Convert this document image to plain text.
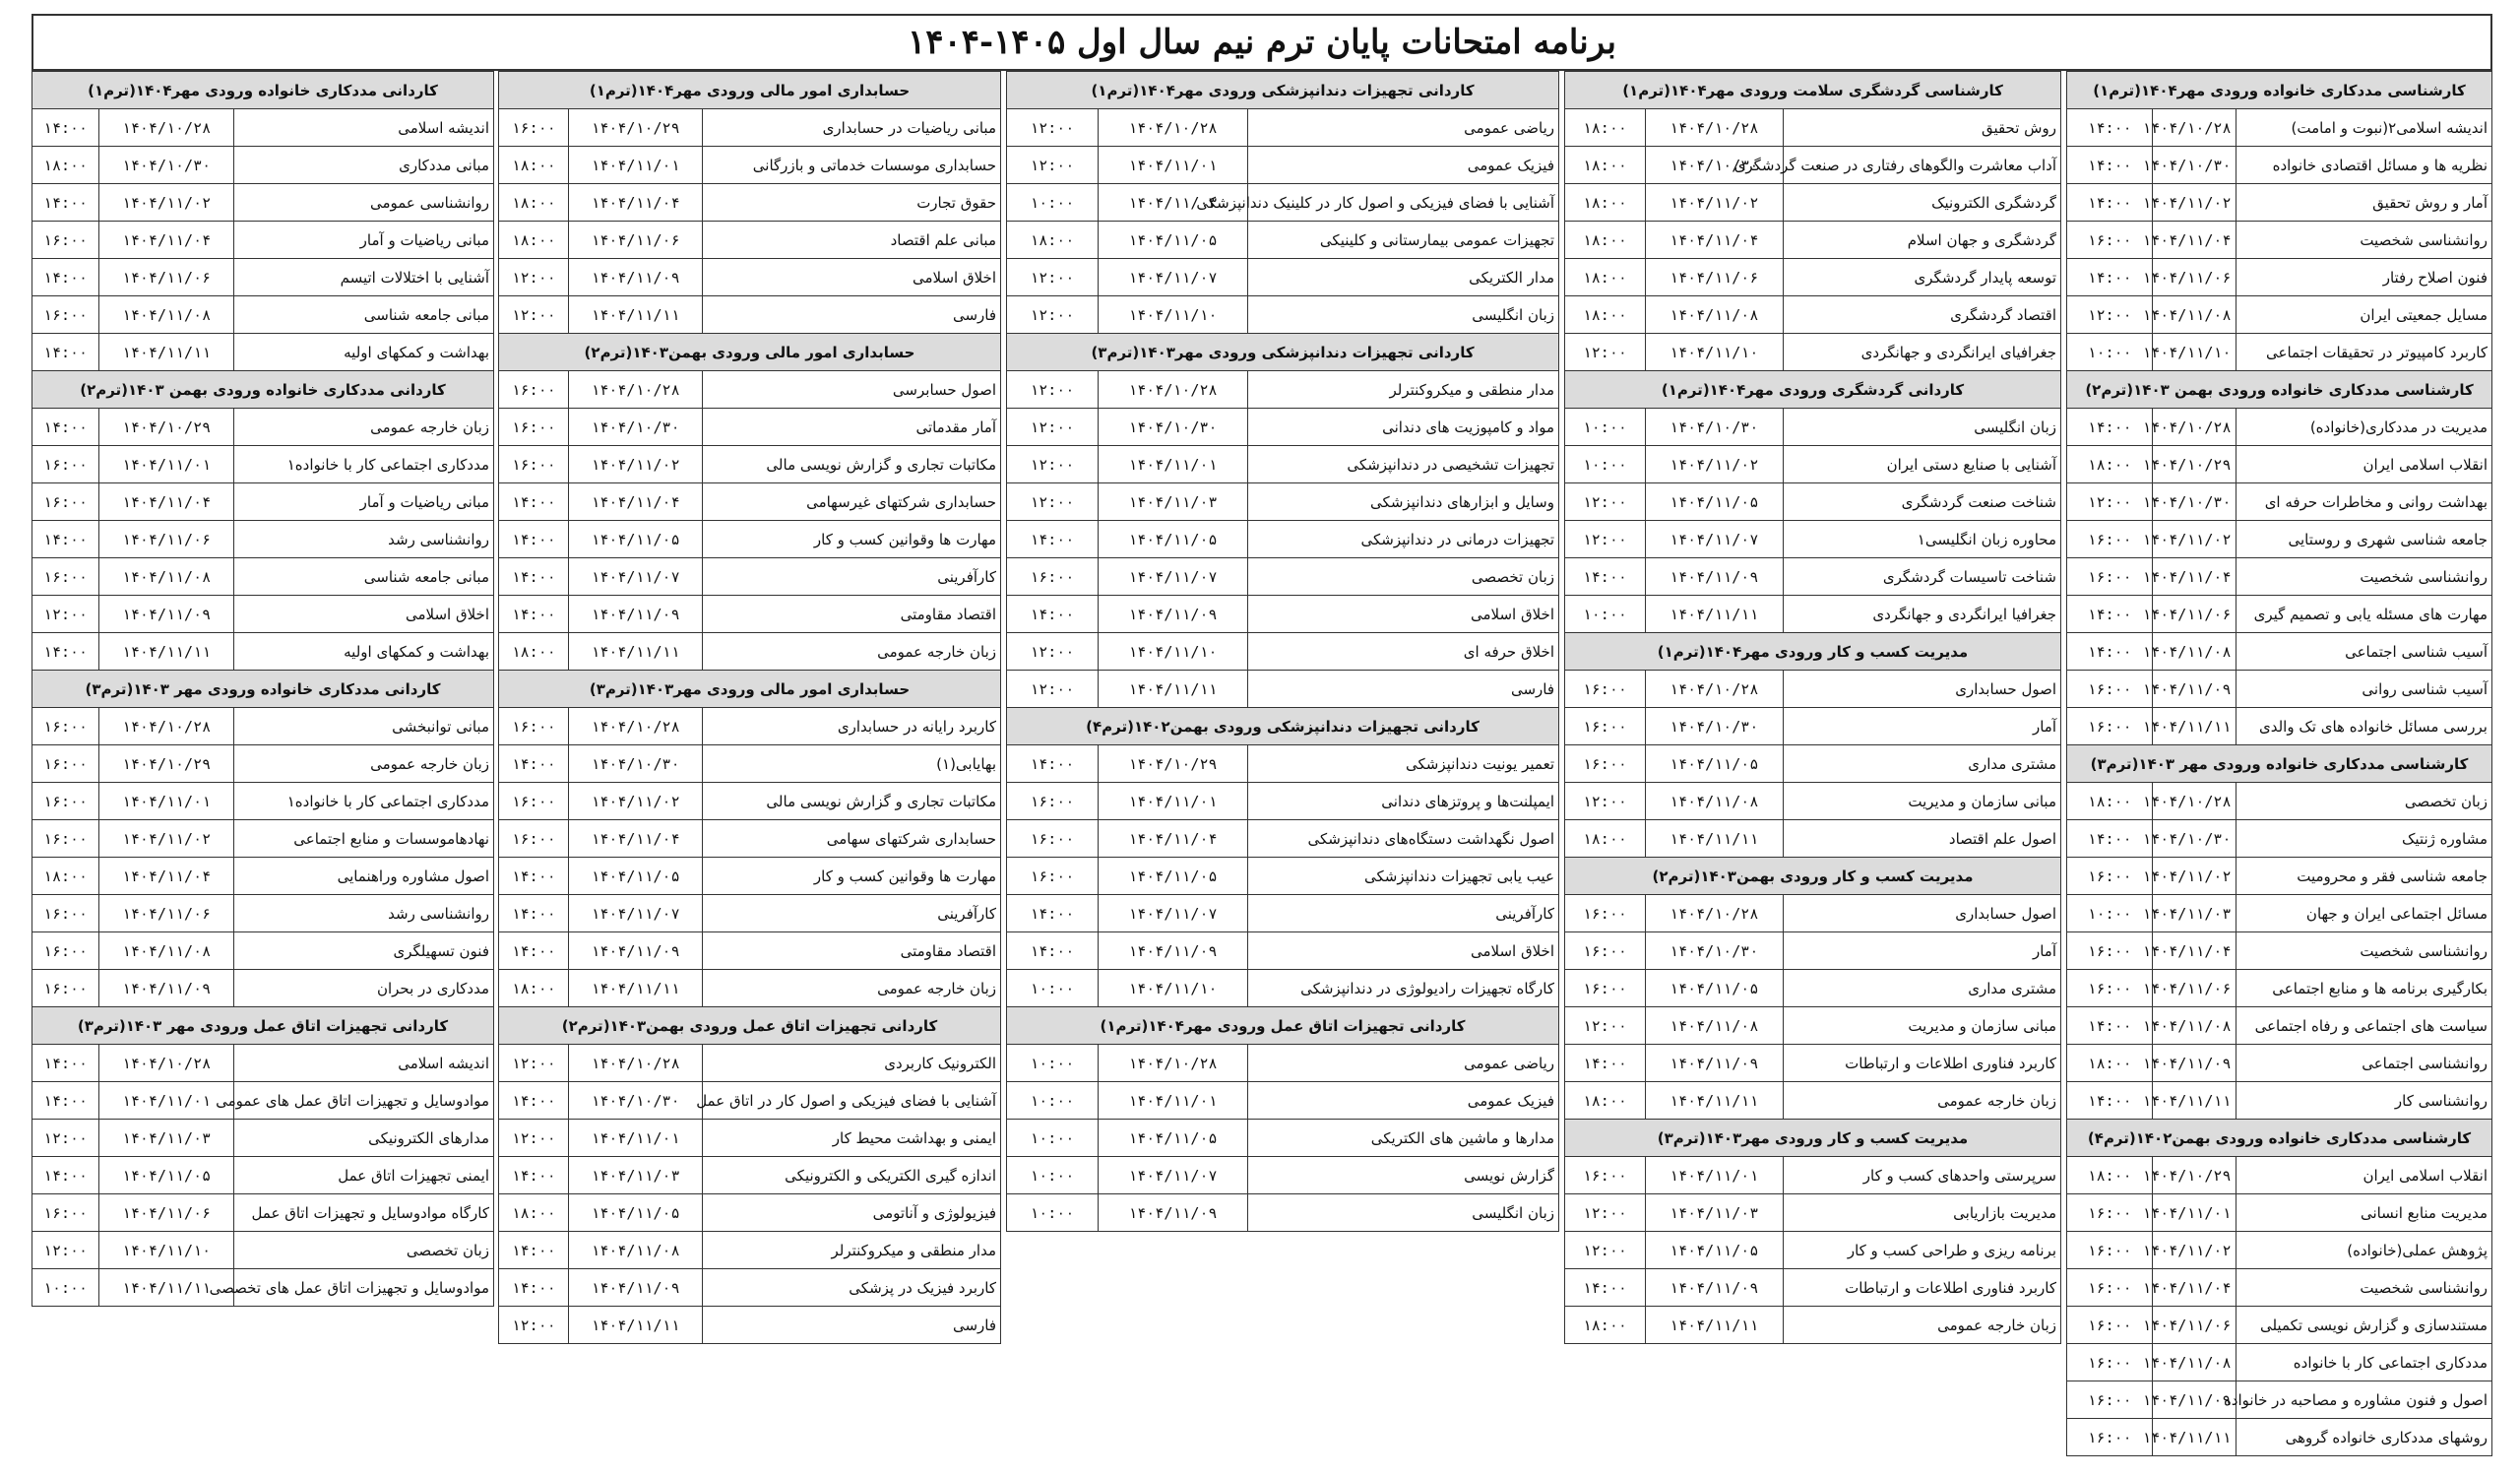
برنامه امتحانات پایان ترم نیم سال اول ۱۴۰۵-۱۴۰۴
کارشناسی مددکاری خانواده ورودی مهر۱۴۰۴(ترم۱)		
اندیشه اسلامی۲(نبوت و امامت)	۱۴۰۴/۱۰/۲۸	۱۴:۰۰
نظریه ها و مسائل اقتصادی خانواده	۱۴۰۴/۱۰/۳۰	۱۴:۰۰
آمار و روش تحقیق	۱۴۰۴/۱۱/۰۲	۱۴:۰۰
روانشناسی شخصیت	۱۴۰۴/۱۱/۰۴	۱۶:۰۰
فنون اصلاح رفتار	۱۴۰۴/۱۱/۰۶	۱۴:۰۰
مسایل جمعیتی ایران	۱۴۰۴/۱۱/۰۸	۱۲:۰۰
کاربرد کامپیوتر در تحقیقات اجتماعی	۱۴۰۴/۱۱/۱۰	۱۰:۰۰
کارشناسی مددکاری خانواده ورودی بهمن ۱۴۰۳(ترم۲)		
مدیریت در مددکاری(خانواده)	۱۴۰۴/۱۰/۲۸	۱۴:۰۰
انقلاب اسلامی ایران	۱۴۰۴/۱۰/۲۹	۱۸:۰۰
بهداشت روانی و مخاطرات حرفه ای	۱۴۰۴/۱۰/۳۰	۱۲:۰۰
جامعه شناسی شهری و روستایی	۱۴۰۴/۱۱/۰۲	۱۶:۰۰
روانشناسی شخصیت	۱۴۰۴/۱۱/۰۴	۱۶:۰۰
مهارت های مسئله یابی و تصمیم گیری	۱۴۰۴/۱۱/۰۶	۱۴:۰۰
آسیب شناسی اجتماعی	۱۴۰۴/۱۱/۰۸	۱۴:۰۰
آسیب شناسی روانی	۱۴۰۴/۱۱/۰۹	۱۶:۰۰
بررسی مسائل خانواده های تک والدی	۱۴۰۴/۱۱/۱۱	۱۶:۰۰
کارشناسی مددکاری خانواده ورودی مهر ۱۴۰۳(ترم۳)		
زبان تخصصی	۱۴۰۴/۱۰/۲۸	۱۸:۰۰
مشاوره ژنتیک	۱۴۰۴/۱۰/۳۰	۱۴:۰۰
جامعه شناسی فقر و محرومیت	۱۴۰۴/۱۱/۰۲	۱۶:۰۰
مسائل اجتماعی ایران و جهان	۱۴۰۴/۱۱/۰۳	۱۰:۰۰
روانشناسی شخصیت	۱۴۰۴/۱۱/۰۴	۱۶:۰۰
بکارگیری برنامه ها و منابع اجتماعی	۱۴۰۴/۱۱/۰۶	۱۶:۰۰
سیاست های اجتماعی و رفاه اجتماعی	۱۴۰۴/۱۱/۰۸	۱۴:۰۰
روانشناسی اجتماعی	۱۴۰۴/۱۱/۰۹	۱۸:۰۰
روانشناسی کار	۱۴۰۴/۱۱/۱۱	۱۴:۰۰
کارشناسی مددکاری خانواده ورودی بهمن۱۴۰۲(ترم۴)		
انقلاب اسلامی ایران	۱۴۰۴/۱۰/۲۹	۱۸:۰۰
مدیریت منابع انسانی	۱۴۰۴/۱۱/۰۱	۱۶:۰۰
پژوهش عملی(خانواده)	۱۴۰۴/۱۱/۰۲	۱۶:۰۰
روانشناسی شخصیت	۱۴۰۴/۱۱/۰۴	۱۶:۰۰
مستندسازی و گزارش نویسی تکمیلی	۱۴۰۴/۱۱/۰۶	۱۶:۰۰
مددکاری اجتماعی کار با خانواده	۱۴۰۴/۱۱/۰۸	۱۶:۰۰
اصول و فنون مشاوره و مصاحبه در خانواده	۱۴۰۴/۱۱/۰۹	۱۶:۰۰
روشهای مددکاری خانواده گروهی	۱۴۰۴/۱۱/۱۱	۱۶:۰۰
کارشناسی گردشگری سلامت ورودی مهر۱۴۰۴(ترم۱)		
روش تحقیق	۱۴۰۴/۱۰/۲۸	۱۸:۰۰
آداب معاشرت والگوهای رفتاری در صنعت گردشگری	۱۴۰۴/۱۰/۳۰	۱۸:۰۰
گردشگری الکترونیک	۱۴۰۴/۱۱/۰۲	۱۸:۰۰
گردشگری و جهان اسلام	۱۴۰۴/۱۱/۰۴	۱۸:۰۰
توسعه پایدار گردشگری	۱۴۰۴/۱۱/۰۶	۱۸:۰۰
اقتصاد گردشگری	۱۴۰۴/۱۱/۰۸	۱۸:۰۰
جغرافیای ایرانگردی و جهانگردی	۱۴۰۴/۱۱/۱۰	۱۲:۰۰
کاردانی گردشگری ورودی مهر۱۴۰۴(ترم۱)		
زبان انگلیسی	۱۴۰۴/۱۰/۳۰	۱۰:۰۰
آشنایی با صنایع دستی ایران	۱۴۰۴/۱۱/۰۲	۱۰:۰۰
شناخت صنعت گردشگری	۱۴۰۴/۱۱/۰۵	۱۲:۰۰
محاوره زبان انگلیسی۱	۱۴۰۴/۱۱/۰۷	۱۲:۰۰
شناخت تاسیسات گردشگری	۱۴۰۴/۱۱/۰۹	۱۴:۰۰
جغرافیا ایرانگردی و جهانگردی	۱۴۰۴/۱۱/۱۱	۱۰:۰۰
مدیریت کسب و کار ورودی مهر۱۴۰۴(ترم۱)		
اصول حسابداری	۱۴۰۴/۱۰/۲۸	۱۶:۰۰
آمار	۱۴۰۴/۱۰/۳۰	۱۶:۰۰
مشتری مداری	۱۴۰۴/۱۱/۰۵	۱۶:۰۰
مبانی سازمان و مدیریت	۱۴۰۴/۱۱/۰۸	۱۲:۰۰
اصول علم اقتصاد	۱۴۰۴/۱۱/۱۱	۱۸:۰۰
مدیریت کسب و کار ورودی بهمن۱۴۰۳(ترم۲)		
اصول حسابداری	۱۴۰۴/۱۰/۲۸	۱۶:۰۰
آمار	۱۴۰۴/۱۰/۳۰	۱۶:۰۰
مشتری مداری	۱۴۰۴/۱۱/۰۵	۱۶:۰۰
مبانی سازمان و مدیریت	۱۴۰۴/۱۱/۰۸	۱۲:۰۰
کاربرد فناوری اطلاعات و ارتباطات	۱۴۰۴/۱۱/۰۹	۱۴:۰۰
زبان خارجه عمومی	۱۴۰۴/۱۱/۱۱	۱۸:۰۰
مدیریت کسب و کار ورودی مهر۱۴۰۳(ترم۳)		
سرپرستی واحدهای کسب و کار	۱۴۰۴/۱۱/۰۱	۱۶:۰۰
مدیریت بازاریابی	۱۴۰۴/۱۱/۰۳	۱۲:۰۰
برنامه ریزی و طراحی کسب و کار	۱۴۰۴/۱۱/۰۵	۱۲:۰۰
کاربرد فناوری اطلاعات و ارتباطات	۱۴۰۴/۱۱/۰۹	۱۴:۰۰
زبان خارجه عمومی	۱۴۰۴/۱۱/۱۱	۱۸:۰۰
کاردانی تجهیزات دندانپزشکی ورودی مهر۱۴۰۴(ترم۱)		
ریاضی عمومی	۱۴۰۴/۱۰/۲۸	۱۲:۰۰
فیزیک عمومی	۱۴۰۴/۱۱/۰۱	۱۲:۰۰
آشنایی با فضای فیزیکی و اصول کار در کلینیک دندانپزشکی	۱۴۰۴/۱۱/۰۳	۱۰:۰۰
تجهیزات عمومی بیمارستانی و کلینیکی	۱۴۰۴/۱۱/۰۵	۱۸:۰۰
مدار الکتریکی	۱۴۰۴/۱۱/۰۷	۱۲:۰۰
زبان انگلیسی	۱۴۰۴/۱۱/۱۰	۱۲:۰۰
کاردانی تجهیزات دندانپزشکی ورودی مهر۱۴۰۳(ترم۳)		
مدار منطقی و میکروکنترلر	۱۴۰۴/۱۰/۲۸	۱۲:۰۰
مواد و کامپوزیت های دندانی	۱۴۰۴/۱۰/۳۰	۱۲:۰۰
تجهیزات تشخیصی در دندانپزشکی	۱۴۰۴/۱۱/۰۱	۱۲:۰۰
وسایل و ابزارهای دندانپزشکی	۱۴۰۴/۱۱/۰۳	۱۲:۰۰
تجهیزات درمانی در دندانپزشکی	۱۴۰۴/۱۱/۰۵	۱۴:۰۰
زبان تخصصی	۱۴۰۴/۱۱/۰۷	۱۶:۰۰
اخلاق اسلامی	۱۴۰۴/۱۱/۰۹	۱۴:۰۰
اخلاق حرفه ای	۱۴۰۴/۱۱/۱۰	۱۲:۰۰
فارسی	۱۴۰۴/۱۱/۱۱	۱۲:۰۰
کاردانی تجهیزات دندانپزشکی ورودی بهمن۱۴۰۲(ترم۴)		
تعمیر یونیت دندانپزشکی	۱۴۰۴/۱۰/۲۹	۱۴:۰۰
ایمپلنت‌ها و پروتزهای دندانی	۱۴۰۴/۱۱/۰۱	۱۶:۰۰
اصول نگهداشت دستگاه‌های دندانپزشکی	۱۴۰۴/۱۱/۰۴	۱۶:۰۰
عیب یابی تجهیزات دندانپزشکی	۱۴۰۴/۱۱/۰۵	۱۶:۰۰
کارآفرینی	۱۴۰۴/۱۱/۰۷	۱۴:۰۰
اخلاق اسلامی	۱۴۰۴/۱۱/۰۹	۱۴:۰۰
کارگاه تجهیزات رادیولوژی در دندانپزشکی	۱۴۰۴/۱۱/۱۰	۱۰:۰۰
کاردانی تجهیزات اتاق عمل ورودی مهر۱۴۰۴(ترم۱)		
ریاضی عمومی	۱۴۰۴/۱۰/۲۸	۱۰:۰۰
فیزیک عمومی	۱۴۰۴/۱۱/۰۱	۱۰:۰۰
مدارها و ماشین های الکتریکی	۱۴۰۴/۱۱/۰۵	۱۰:۰۰
گزارش نویسی	۱۴۰۴/۱۱/۰۷	۱۰:۰۰
زبان انگلیسی	۱۴۰۴/۱۱/۰۹	۱۰:۰۰
حسابداری امور مالی ورودی مهر۱۴۰۴(ترم۱)		
مبانی ریاضیات در حسابداری	۱۴۰۴/۱۰/۲۹	۱۶:۰۰
حسابداری موسسات خدماتی و بازرگانی	۱۴۰۴/۱۱/۰۱	۱۸:۰۰
حقوق تجارت	۱۴۰۴/۱۱/۰۴	۱۸:۰۰
مبانی علم اقتصاد	۱۴۰۴/۱۱/۰۶	۱۸:۰۰
اخلاق اسلامی	۱۴۰۴/۱۱/۰۹	۱۲:۰۰
فارسی	۱۴۰۴/۱۱/۱۱	۱۲:۰۰
حسابداری امور مالی ورودی بهمن۱۴۰۳(ترم۲)		
اصول حسابرسی	۱۴۰۴/۱۰/۲۸	۱۶:۰۰
آمار مقدماتی	۱۴۰۴/۱۰/۳۰	۱۶:۰۰
مکاتبات تجاری و گزارش نویسی مالی	۱۴۰۴/۱۱/۰۲	۱۶:۰۰
حسابداری شرکتهای غیرسهامی	۱۴۰۴/۱۱/۰۴	۱۴:۰۰
مهارت ها وقوانین کسب و کار	۱۴۰۴/۱۱/۰۵	۱۴:۰۰
کارآفرینی	۱۴۰۴/۱۱/۰۷	۱۴:۰۰
اقتصاد مقاومتی	۱۴۰۴/۱۱/۰۹	۱۴:۰۰
زبان خارجه عمومی	۱۴۰۴/۱۱/۱۱	۱۸:۰۰
حسابداری امور مالی ورودی مهر۱۴۰۳(ترم۳)		
کاربرد رایانه در حسابداری	۱۴۰۴/۱۰/۲۸	۱۶:۰۰
بهایابی(۱)	۱۴۰۴/۱۰/۳۰	۱۴:۰۰
مکاتبات تجاری و گزارش نویسی مالی	۱۴۰۴/۱۱/۰۲	۱۶:۰۰
حسابداری شرکتهای سهامی	۱۴۰۴/۱۱/۰۴	۱۶:۰۰
مهارت ها وقوانین کسب و کار	۱۴۰۴/۱۱/۰۵	۱۴:۰۰
کارآفرینی	۱۴۰۴/۱۱/۰۷	۱۴:۰۰
اقتصاد مقاومتی	۱۴۰۴/۱۱/۰۹	۱۴:۰۰
زبان خارجه عمومی	۱۴۰۴/۱۱/۱۱	۱۸:۰۰
کاردانی تجهیزات اتاق عمل ورودی بهمن۱۴۰۳(ترم۲)		
الکترونیک کاربردی	۱۴۰۴/۱۰/۲۸	۱۲:۰۰
آشنایی با فضای فیزیکی و اصول کار در اتاق عمل	۱۴۰۴/۱۰/۳۰	۱۴:۰۰
ایمنی و بهداشت محیط کار	۱۴۰۴/۱۱/۰۱	۱۲:۰۰
اندازه گیری الکتریکی و الکترونیکی	۱۴۰۴/۱۱/۰۳	۱۴:۰۰
فیزیولوژی و آناتومی	۱۴۰۴/۱۱/۰۵	۱۸:۰۰
مدار منطقی و میکروکنترلر	۱۴۰۴/۱۱/۰۸	۱۴:۰۰
کاربرد فیزیک در پزشکی	۱۴۰۴/۱۱/۰۹	۱۴:۰۰
فارسی	۱۴۰۴/۱۱/۱۱	۱۲:۰۰
کاردانی مددکاری خانواده ورودی مهر۱۴۰۴(ترم۱)		
اندیشه اسلامی	۱۴۰۴/۱۰/۲۸	۱۴:۰۰
مبانی مددکاری	۱۴۰۴/۱۰/۳۰	۱۸:۰۰
روانشناسی عمومی	۱۴۰۴/۱۱/۰۲	۱۴:۰۰
مبانی ریاضیات و آمار	۱۴۰۴/۱۱/۰۴	۱۶:۰۰
آشنایی با اختلالات اتیسم	۱۴۰۴/۱۱/۰۶	۱۴:۰۰
مبانی جامعه شناسی	۱۴۰۴/۱۱/۰۸	۱۶:۰۰
بهداشت و کمکهای اولیه	۱۴۰۴/۱۱/۱۱	۱۴:۰۰
کاردانی مددکاری خانواده ورودی بهمن ۱۴۰۳(ترم۲)		
زبان خارجه عمومی	۱۴۰۴/۱۰/۲۹	۱۴:۰۰
مددکاری اجتماعی کار با خانواده۱	۱۴۰۴/۱۱/۰۱	۱۶:۰۰
مبانی ریاضیات و آمار	۱۴۰۴/۱۱/۰۴	۱۶:۰۰
روانشناسی رشد	۱۴۰۴/۱۱/۰۶	۱۴:۰۰
مبانی جامعه شناسی	۱۴۰۴/۱۱/۰۸	۱۶:۰۰
اخلاق اسلامی	۱۴۰۴/۱۱/۰۹	۱۲:۰۰
بهداشت و کمکهای اولیه	۱۴۰۴/۱۱/۱۱	۱۴:۰۰
کاردانی مددکاری خانواده ورودی مهر ۱۴۰۳(ترم۳)		
مبانی توانبخشی	۱۴۰۴/۱۰/۲۸	۱۶:۰۰
زبان خارجه عمومی	۱۴۰۴/۱۰/۲۹	۱۶:۰۰
مددکاری اجتماعی کار با خانواده۱	۱۴۰۴/۱۱/۰۱	۱۶:۰۰
نهادهاموسسات و منابع اجتماعی	۱۴۰۴/۱۱/۰۲	۱۶:۰۰
اصول مشاوره وراهنمایی	۱۴۰۴/۱۱/۰۴	۱۸:۰۰
روانشناسی رشد	۱۴۰۴/۱۱/۰۶	۱۶:۰۰
فنون تسهیلگری	۱۴۰۴/۱۱/۰۸	۱۶:۰۰
مددکاری در بحران	۱۴۰۴/۱۱/۰۹	۱۶:۰۰
کاردانی تجهیزات اتاق عمل ورودی مهر ۱۴۰۳(ترم۳)		
اندیشه اسلامی	۱۴۰۴/۱۰/۲۸	۱۴:۰۰
موادوسایل و تجهیزات اتاق عمل های عمومی	۱۴۰۴/۱۱/۰۱	۱۴:۰۰
مدارهای الکترونیکی	۱۴۰۴/۱۱/۰۳	۱۲:۰۰
ایمنی تجهیزات اتاق عمل	۱۴۰۴/۱۱/۰۵	۱۴:۰۰
کارگاه موادوسایل و تجهیزات اتاق عمل	۱۴۰۴/۱۱/۰۶	۱۶:۰۰
زبان تخصصی	۱۴۰۴/۱۱/۱۰	۱۲:۰۰
موادوسایل و تجهیزات اتاق عمل های تخصصی	۱۴۰۴/۱۱/۱۱	۱۰:۰۰
